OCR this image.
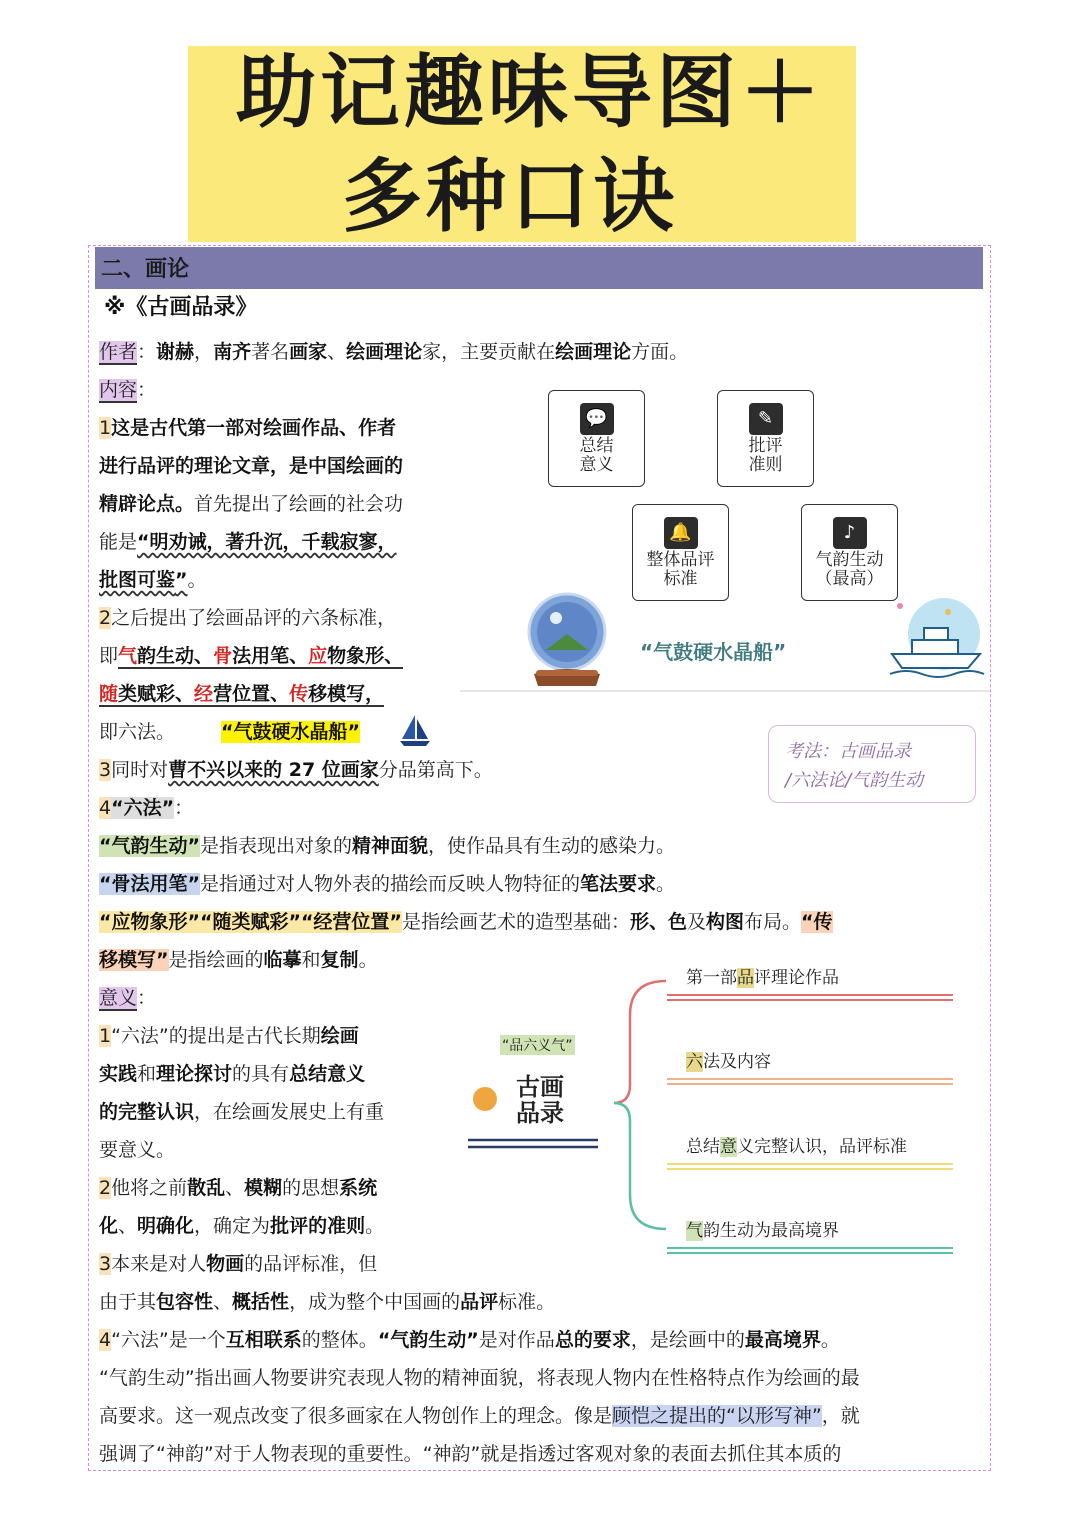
助记趣味导图＋
多种口诀
二、画论
※《古画品录》
作者：谢赫，南齐著名画家、绘画理论家，主要贡献在绘画理论方面。
内容：
1这是古代第一部对绘画作品、作者
进行品评的理论文章，是中国绘画的
精辟论点。首先提出了绘画的社会功
能是“明劝诫，著升沉，千载寂寥，
批图可鉴”。
2之后提出了绘画品评的六条标准，
即气韵生动、骨法用笔、应物象形、
随类赋彩、经营位置、传移模写，
即六法。 “气鼓硬水晶船”
3同时对曹不兴以来的 27 位画家分品第高下。
4“六法”：
“气韵生动”是指表现出对象的精神面貌，使作品具有生动的感染力。
“骨法用笔”是指通过对人物外表的描绘而反映人物特征的笔法要求。
“应物象形”“随类赋彩”“经营位置”是指绘画艺术的造型基础：形、色及构图布局。“传
移模写”是指绘画的临摹和复制。
意义：
1“六法”的提出是古代长期绘画
实践和理论探讨的具有总结意义
的完整认识，在绘画发展史上有重
要意义。
2他将之前散乱、模糊的思想系统
化、明确化，确定为批评的准则。
3本来是对人物画的品评标准，但
由于其包容性、概括性，成为整个中国画的品评标准。
4“六法”是一个互相联系的整体。“气韵生动”是对作品总的要求，是绘画中的最高境界。
“气韵生动”指出画人物要讲究表现人物的精神面貌，将表现人物内在性格特点作为绘画的最
高要求。这一观点改变了很多画家在人物创作上的理念。像是顾恺之提出的“以形写神”，就
强调了“神韵”对于人物表现的重要性。“神韵”就是指透过客观对象的表面去抓住其本质的
💬
总结
意义
✎
批评
准则
🔔
整体品评
标准
♪
气韵生动
（最高）
“气鼓硬水晶船”
考法：古画品录
/六法论/气韵生动
“品六义气”
古画
品录
第一部品评理论作品
六法及内容
总结意义完整认识，品评标准
气韵生动为最高境界
